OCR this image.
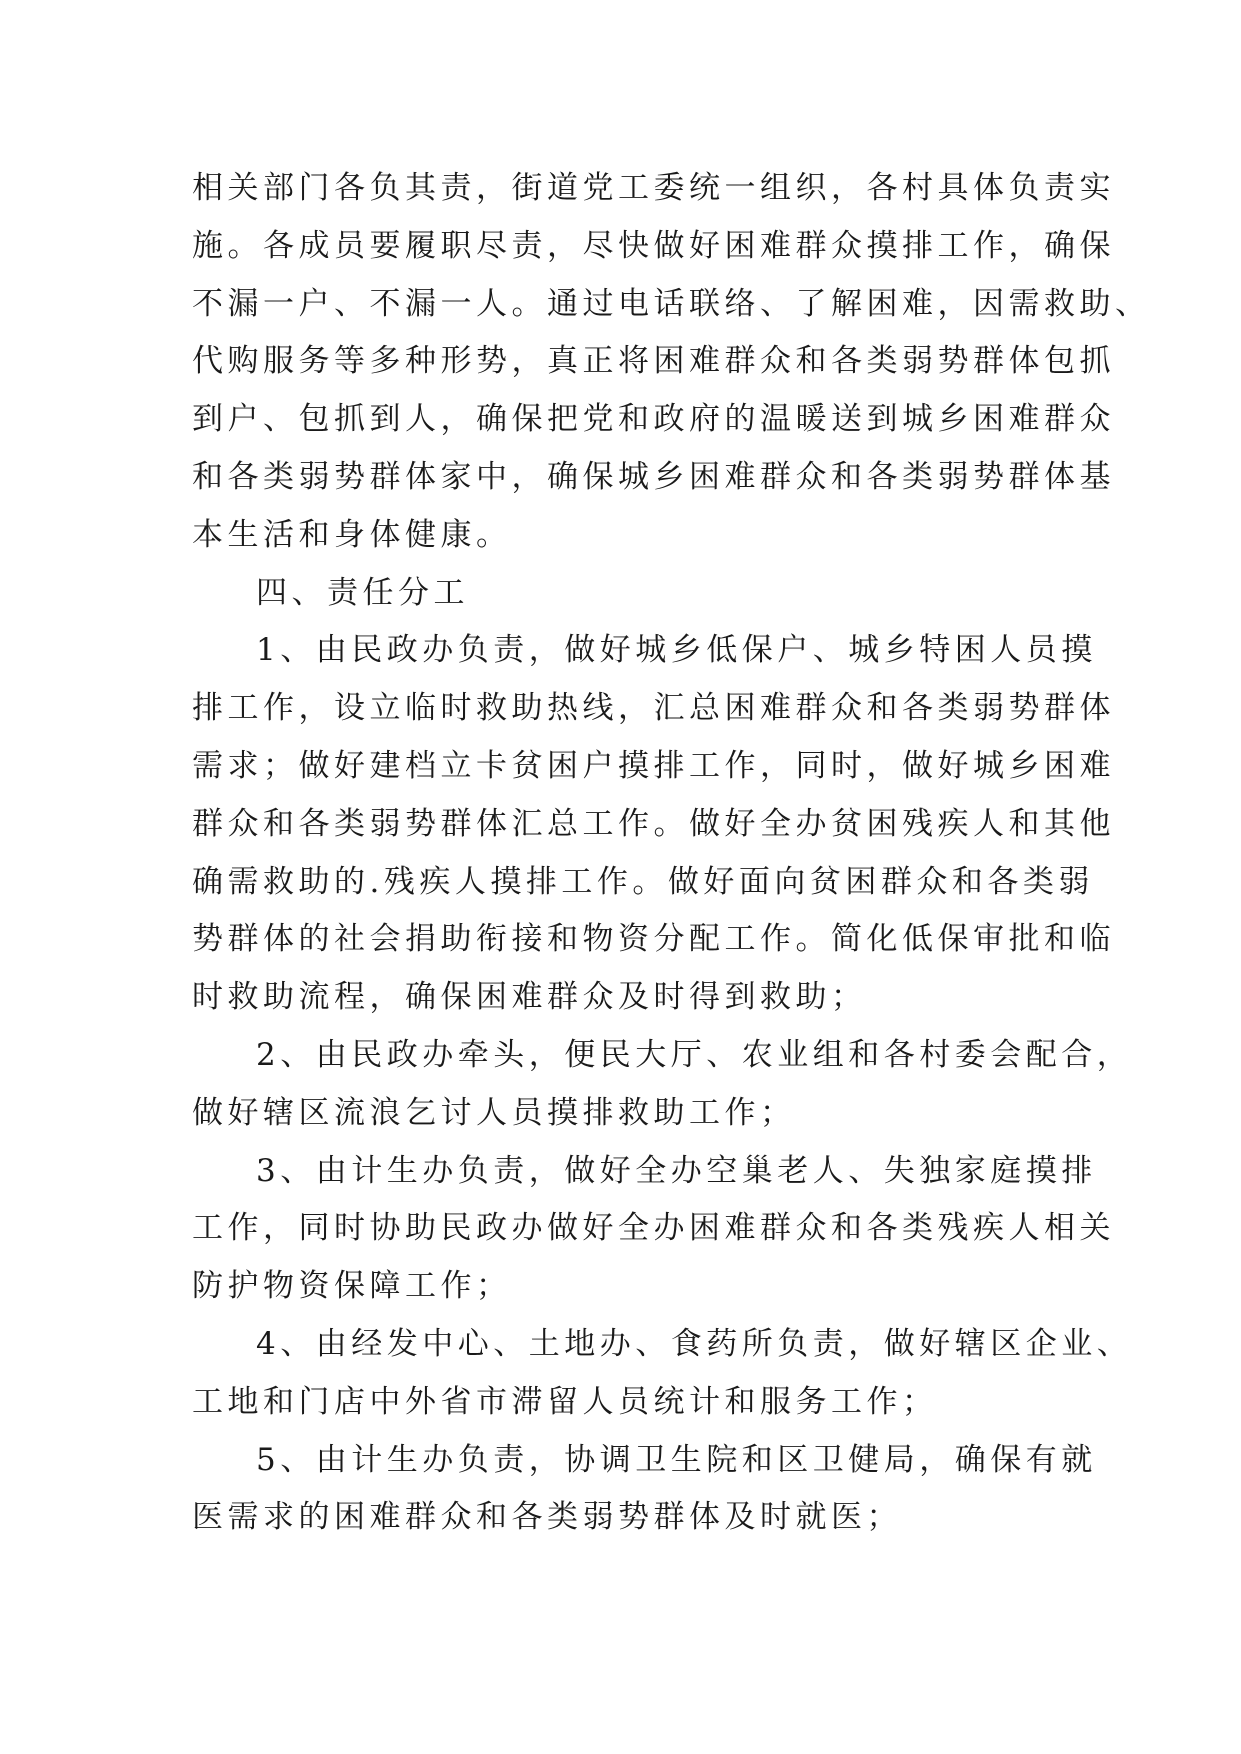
相关部门各负其责，街道党工委统一组织，各村具体负责实

施。各成员要履职尽责，尽快做好困难群众摸排工作，确保

不漏一户、不漏一人。通过电话联络、了解困难，因需救助、

代购服务等多种形势，真正将困难群众和各类弱势群体包抓

到户、包抓到人，确保把党和政府的温暖送到城乡困难群众

和各类弱势群体家中，确保城乡困难群众和各类弱势群体基

本生活和身体健康。

四、责任分工

1、由民政办负责，做好城乡低保户、城乡特困人员摸

排工作，设立临时救助热线，汇总困难群众和各类弱势群体

需求；做好建档立卡贫困户摸排工作，同时，做好城乡困难

群众和各类弱势群体汇总工作。做好全办贫困残疾人和其他

确需救助的.残疾人摸排工作。做好面向贫困群众和各类弱

势群体的社会捐助衔接和物资分配工作。简化低保审批和临

时救助流程，确保困难群众及时得到救助；

2、由民政办牵头，便民大厅、农业组和各村委会配合，

做好辖区流浪乞讨人员摸排救助工作；

3、由计生办负责，做好全办空巢老人、失独家庭摸排

工作，同时协助民政办做好全办困难群众和各类残疾人相关

防护物资保障工作；

4、由经发中心、土地办、食药所负责，做好辖区企业、

工地和门店中外省市滞留人员统计和服务工作；

5、由计生办负责，协调卫生院和区卫健局，确保有就

医需求的困难群众和各类弱势群体及时就医；
